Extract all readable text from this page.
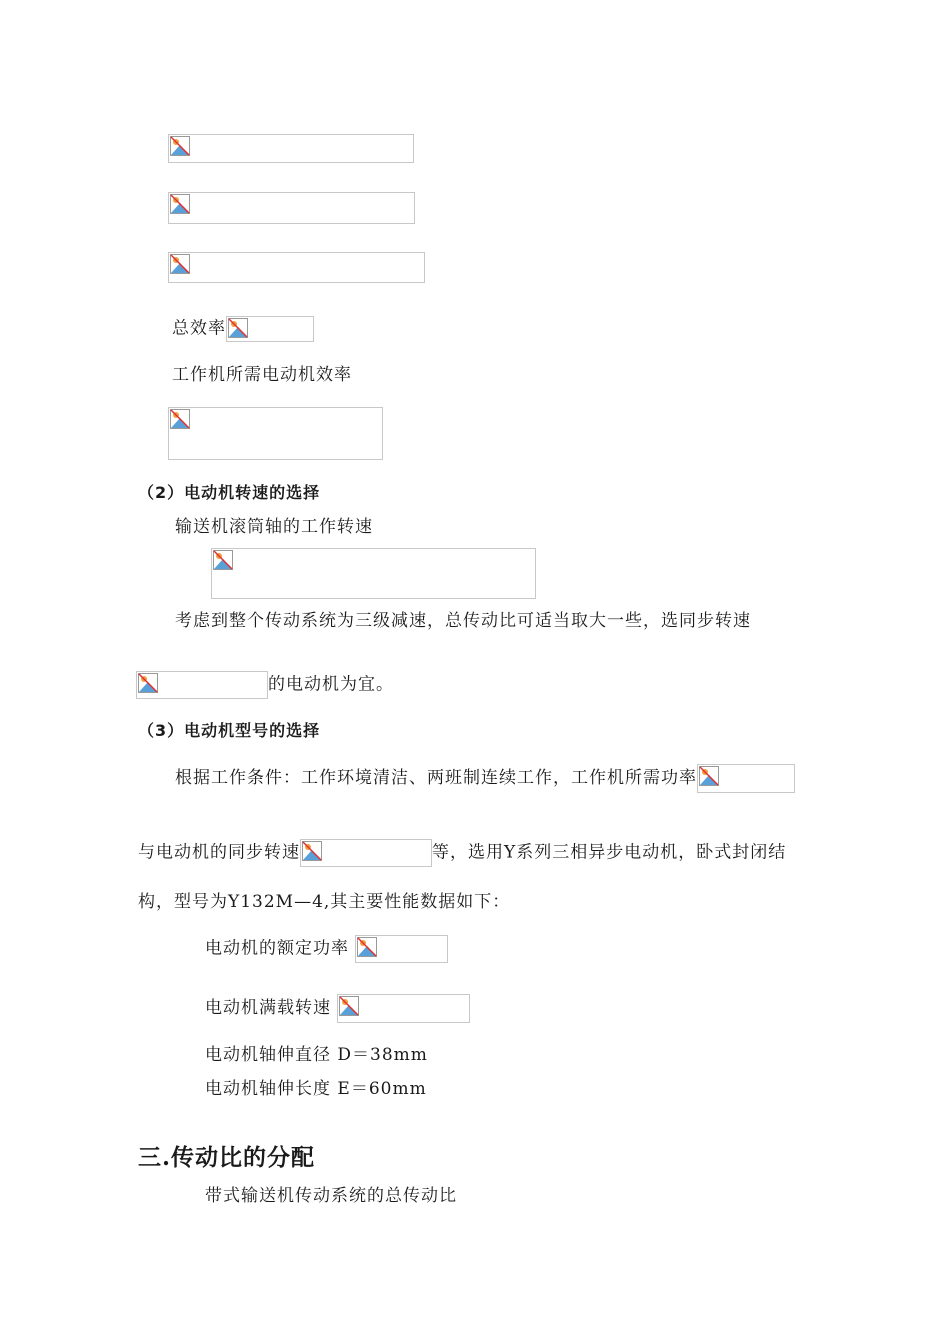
总效率
工作机所需电动机效率
（2）电动机转速的选择
输送机滚筒轴的工作转速
考虑到整个传动系统为三级减速，总传动比可适当取大一些，选同步转速
的电动机为宜。
（3）电动机型号的选择
根据工作条件：工作环境清洁、两班制连续工作，工作机所需功率
与电动机的同步转速	等，选用Y系列三相异步电动机，卧式封闭结
构，型号为Y132M—4,其主要性能数据如下：
电动机的额定功率
电动机满载转速
电动机轴伸直径 D＝38mm
电动机轴伸长度 E＝60mm
三.传动比的分配
带式输送机传动系统的总传动比
